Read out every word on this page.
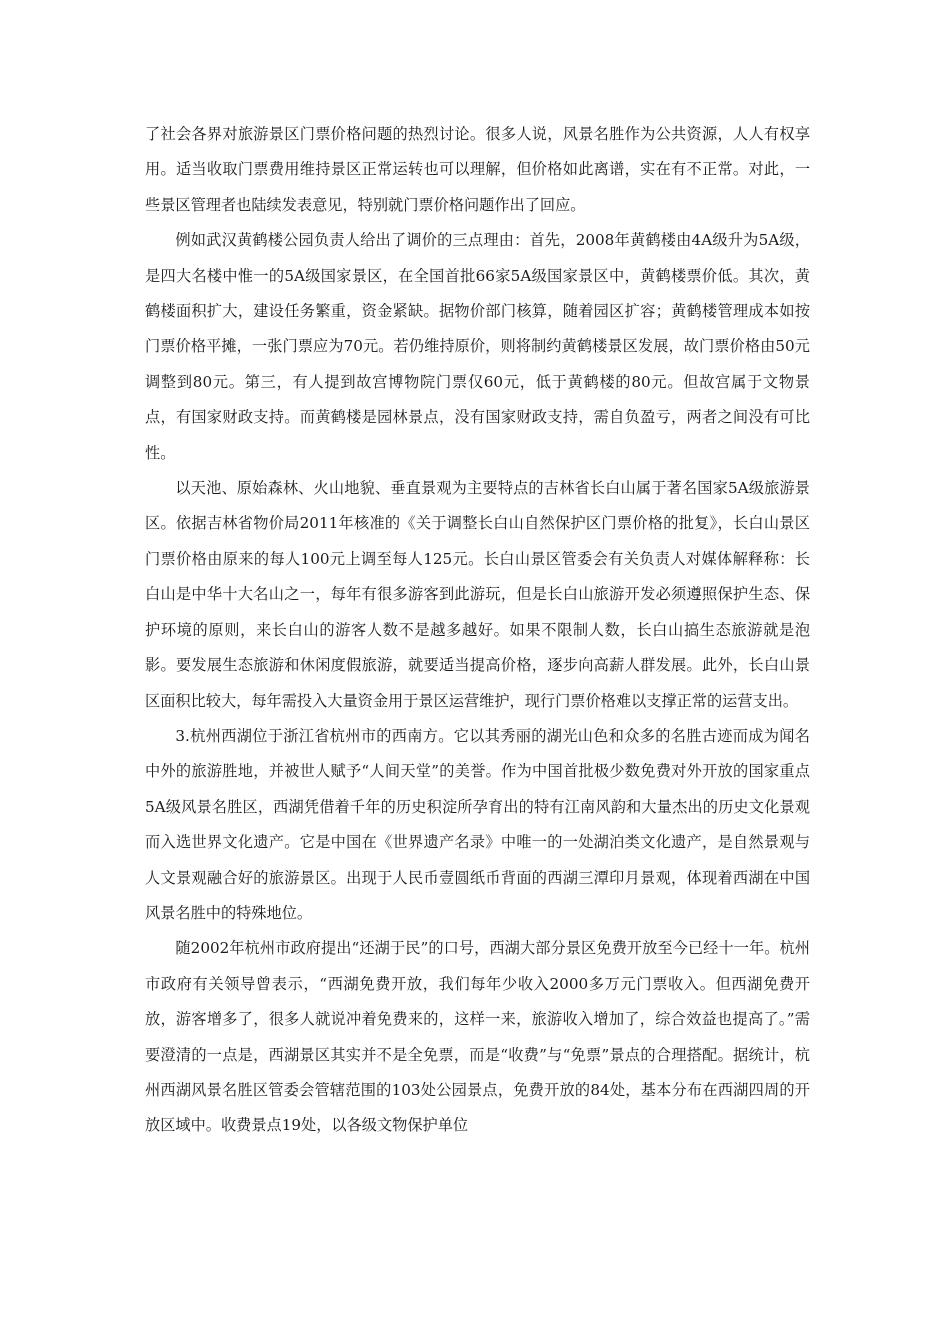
了社会各界对旅游景区门票价格问题的热烈讨论。很多人说，风景名胜作为公共资源，人人有权享用。适当收取门票费用维持景区正常运转也可以理解，但价格如此离谱，实在有不正常。对此，一些景区管理者也陆续发表意见，特别就门票价格问题作出了回应。

例如武汉黄鹤楼公园负责人给出了调价的三点理由：首先，2008年黄鹤楼由4A级升为5A级，是四大名楼中惟一的5A级国家景区，在全国首批66家5A级国家景区中，黄鹤楼票价低。其次，黄鹤楼面积扩大，建设任务繁重，资金紧缺。据物价部门核算，随着园区扩容；黄鹤楼管理成本如按门票价格平摊，一张门票应为70元。若仍维持原价，则将制约黄鹤楼景区发展，故门票价格由50元调整到80元。第三，有人提到故宫博物院门票仅60元，低于黄鹤楼的80元。但故宫属于文物景点，有国家财政支持。而黄鹤楼是园林景点，没有国家财政支持，需自负盈亏，两者之间没有可比性。

以天池、原始森林、火山地貌、垂直景观为主要特点的吉林省长白山属于著名国家5A级旅游景区。依据吉林省物价局2011年核准的《关于调整长白山自然保护区门票价格的批复》，长白山景区门票价格由原来的每人100元上调至每人125元。长白山景区管委会有关负责人对媒体解释称：长白山是中华十大名山之一，每年有很多游客到此游玩，但是长白山旅游开发必须遵照保护生态、保护环境的原则，来长白山的游客人数不是越多越好。如果不限制人数，长白山搞生态旅游就是泡影。要发展生态旅游和休闲度假旅游，就要适当提高价格，逐步向高薪人群发展。此外，长白山景区面积比较大，每年需投入大量资金用于景区运营维护，现行门票价格难以支撑正常的运营支出。

3.杭州西湖位于浙江省杭州市的西南方。它以其秀丽的湖光山色和众多的名胜古迹而成为闻名中外的旅游胜地，并被世人赋予“人间天堂”的美誉。作为中国首批极少数免费对外开放的国家重点5A级风景名胜区，西湖凭借着千年的历史积淀所孕育出的特有江南风韵和大量杰出的历史文化景观而入选世界文化遗产。它是中国在《世界遗产名录》中唯一的一处湖泊类文化遗产，是自然景观与人文景观融合好的旅游景区。出现于人民币壹圆纸币背面的西湖三潭印月景观，体现着西湖在中国风景名胜中的特殊地位。

随2002年杭州市政府提出“还湖于民”的口号，西湖大部分景区免费开放至今已经十一年。杭州市政府有关领导曾表示，“西湖免费开放，我们每年少收入2000多万元门票收入。但西湖免费开放，游客增多了，很多人就说冲着免费来的，这样一来，旅游收入增加了，综合效益也提高了。”需要澄清的一点是，西湖景区其实并不是全免票，而是“收费”与“免票”景点的合理搭配。据统计，杭州西湖风景名胜区管委会管辖范围的103处公园景点，免费开放的84处，基本分布在西湖四周的开放区域中。收费景点19处，以各级文物保护单位
